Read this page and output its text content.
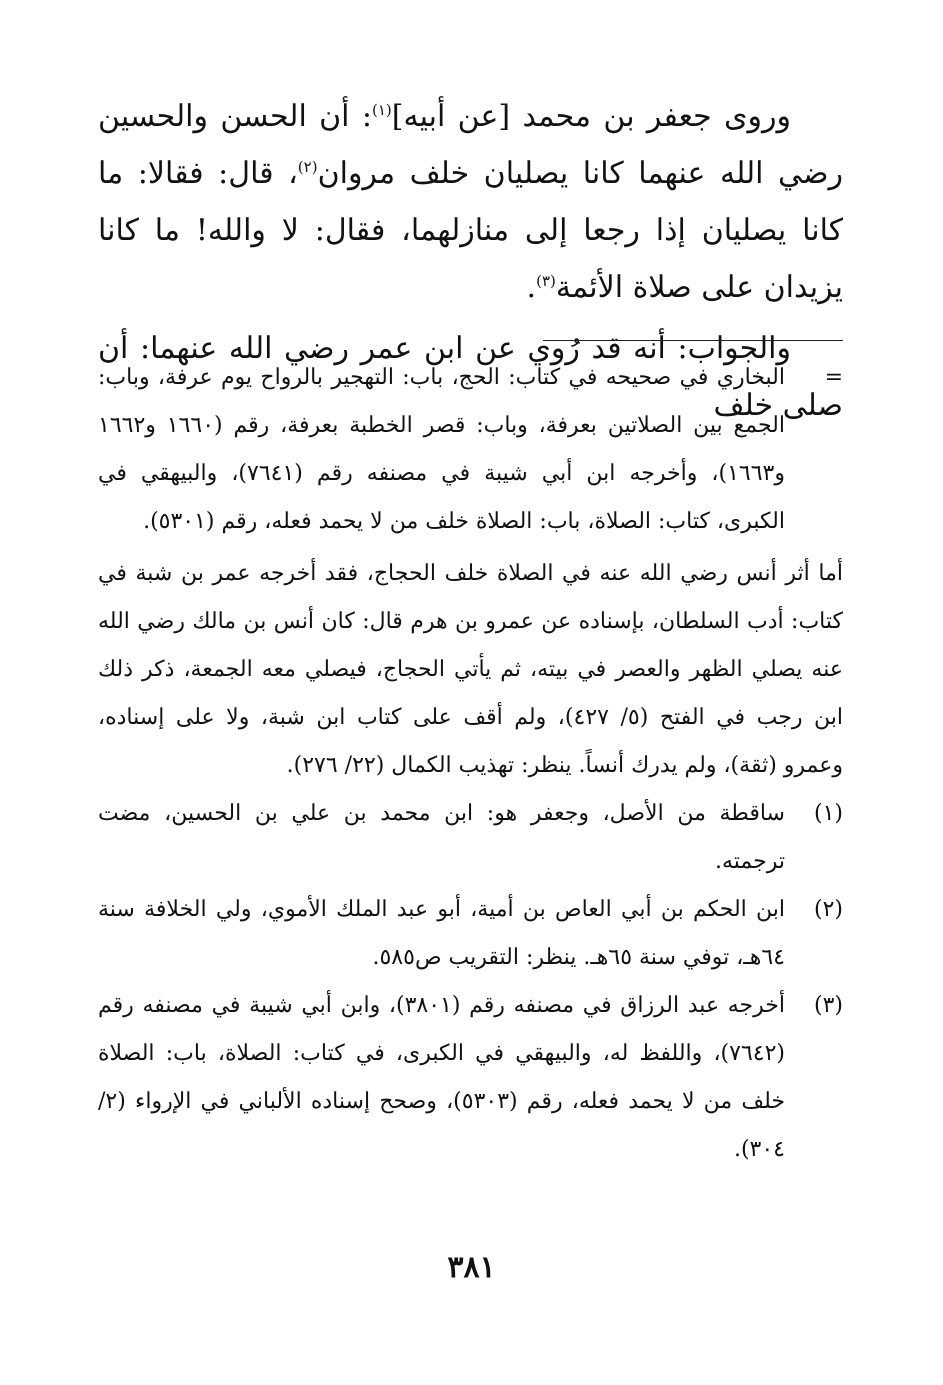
وروى جعفر بن محمد [عن أبيه]$^{(١)}$: أن الحسن والحسين رضي الله عنهما كانا يصليان خلف مروان$^{(٢)}$، قال: فقالا: ما كانا يصليان إذا رجعا إلى منازلهما، فقال: لا والله! ما كانا يزيدان على صلاة الأئمة$^{(٣)}$.

والجواب: أنه قد رُوي عن ابن عمر رضي الله عنهما: أن صلى خلف

=
البخاري في صحيحه في كتاب: الحج، باب: التهجير بالرواح يوم عرفة، وباب: الجمع بين الصلاتين بعرفة، وباب: قصر الخطبة بعرفة، رقم (١٦٦٠ و١٦٦٢ و١٦٦٣)، وأخرجه ابن أبي شيبة في مصنفه رقم (٧٦٤١)، والبيهقي في الكبرى، كتاب: الصلاة، باب: الصلاة خلف من لا يحمد فعله، رقم (٥٣٠١).
أما أثر أنس رضي الله عنه في الصلاة خلف الحجاج، فقد أخرجه عمر بن شبة في كتاب: أدب السلطان، بإسناده عن عمرو بن هرم قال: كان أنس بن مالك رضي الله عنه يصلي الظهر والعصر في بيته، ثم يأتي الحجاج، فيصلي معه الجمعة، ذكر ذلك ابن رجب في الفتح (٥/ ٤٢٧)، ولم أقف على كتاب ابن شبة، ولا على إسناده، وعمرو (ثقة)، ولم يدرك أنساً. ينظر: تهذيب الكمال (٢٢/ ٢٧٦).
(١)
ساقطة من الأصل، وجعفر هو: ابن محمد بن علي بن الحسين، مضت ترجمته.
(٢)
ابن الحكم بن أبي العاص بن أمية، أبو عبد الملك الأموي، ولي الخلافة سنة ٦٤هـ، توفي سنة ٦٥هـ. ينظر: التقريب ص٥٨٥.
(٣)
أخرجه عبد الرزاق في مصنفه رقم (٣٨٠١)، وابن أبي شيبة في مصنفه رقم (٧٦٤٢)، واللفظ له، والبيهقي في الكبرى، في كتاب: الصلاة، باب: الصلاة خلف من لا يحمد فعله، رقم (٥٣٠٣)، وصحح إسناده الألباني في الإرواء (٢/ ٣٠٤).
٣٨١
